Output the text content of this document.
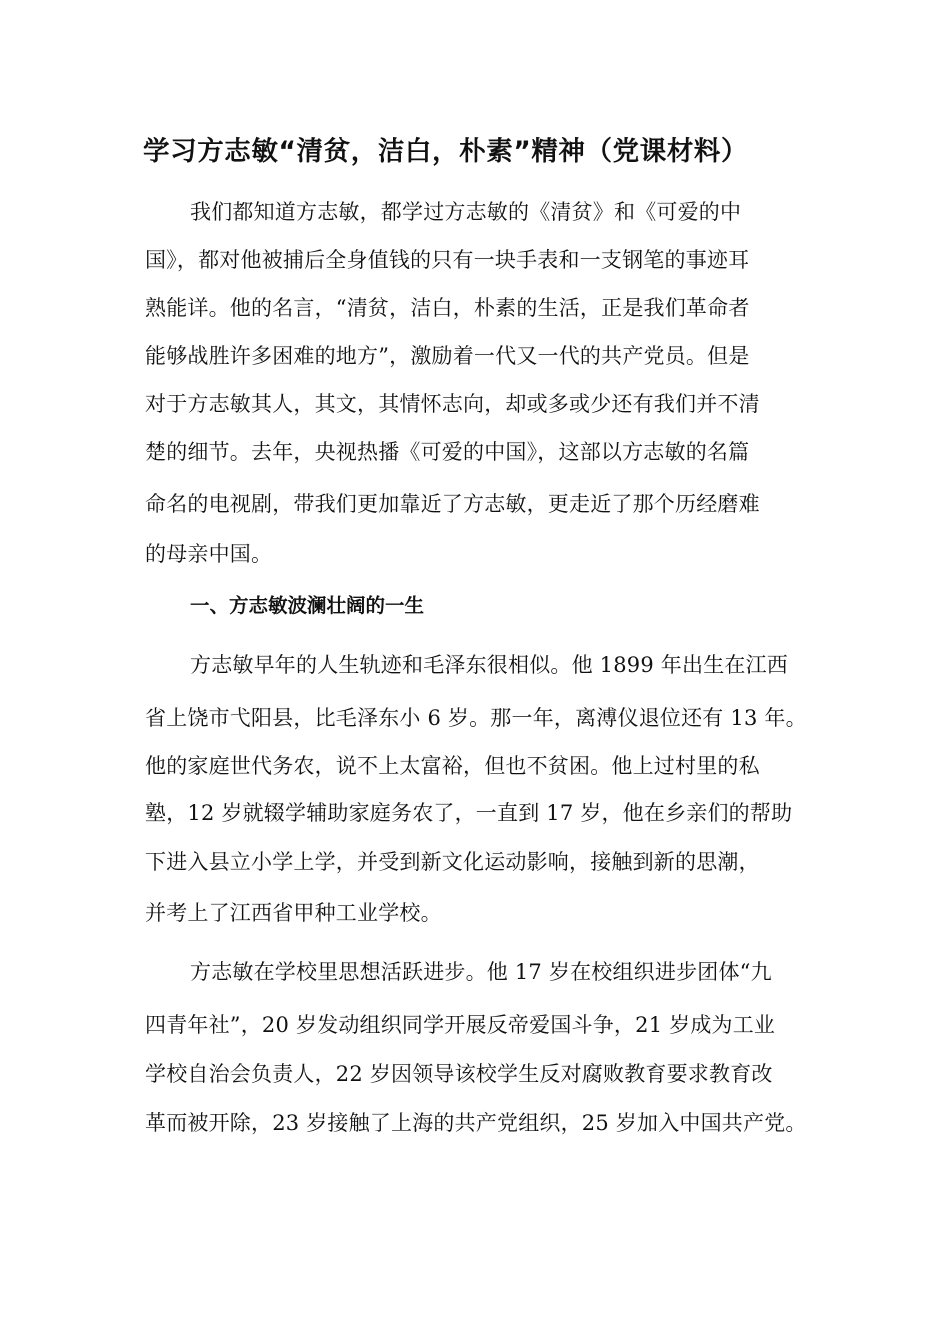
学习方志敏“清贫，洁白，朴素”精神（党课材料）

我们都知道方志敏，都学过方志敏的《清贫》和《可爱的中

国》，都对他被捕后全身值钱的只有一块手表和一支钢笔的事迹耳

熟能详。他的名言，“清贫，洁白，朴素的生活，正是我们革命者

能够战胜许多困难的地方”，激励着一代又一代的共产党员。但是

对于方志敏其人，其文，其情怀志向，却或多或少还有我们并不清

楚的细节。去年，央视热播《可爱的中国》，这部以方志敏的名篇

命名的电视剧，带我们更加靠近了方志敏，更走近了那个历经磨难

的母亲中国。

一、方志敏波澜壮阔的一生

方志敏早年的人生轨迹和毛泽东很相似。他 1899 年出生在江西

省上饶市弋阳县，比毛泽东小 6 岁。那一年，离溥仪退位还有 13 年。

他的家庭世代务农，说不上太富裕，但也不贫困。他上过村里的私

塾，12 岁就辍学辅助家庭务农了，一直到 17 岁，他在乡亲们的帮助

下进入县立小学上学，并受到新文化运动影响，接触到新的思潮，

并考上了江西省甲种工业学校。

方志敏在学校里思想活跃进步。他 17 岁在校组织进步团体“九

四青年社”，20 岁发动组织同学开展反帝爱国斗争，21 岁成为工业

学校自治会负责人，22 岁因领导该校学生反对腐败教育要求教育改

革而被开除，23 岁接触了上海的共产党组织，25 岁加入中国共产党。
